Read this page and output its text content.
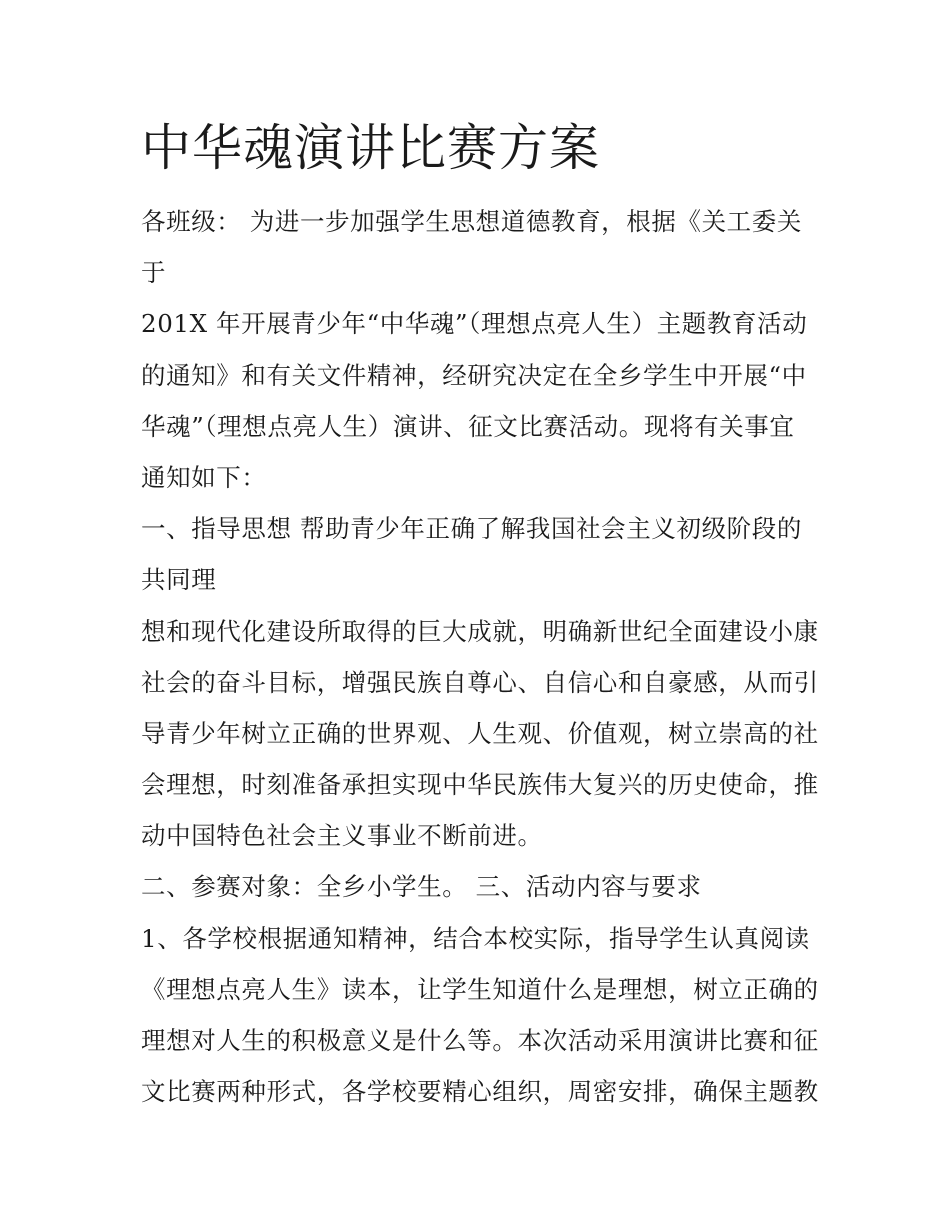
中华魂演讲比赛方案
各班级： 为进一步加强学生思想道德教育，根据《关工委关
于
201X 年开展青少年“中华魂”（理想点亮人生）主题教育活动
的通知》和有关文件精神，经研究决定在全乡学生中开展“中
华魂”（理想点亮人生）演讲、征文比赛活动。现将有关事宜
通知如下：
一、指导思想 帮助青少年正确了解我国社会主义初级阶段的
共同理
想和现代化建设所取得的巨大成就，明确新世纪全面建设小康
社会的奋斗目标，增强民族自尊心、自信心和自豪感，从而引
导青少年树立正确的世界观、人生观、价值观，树立崇高的社
会理想，时刻准备承担实现中华民族伟大复兴的历史使命，推
动中国特色社会主义事业不断前进。
二、参赛对象：全乡小学生。 三、活动内容与要求
1、各学校根据通知精神，结合本校实际，指导学生认真阅读
《理想点亮人生》读本，让学生知道什么是理想，树立正确的
理想对人生的积极意义是什么等。本次活动采用演讲比赛和征
文比赛两种形式，各学校要精心组织，周密安排，确保主题教
